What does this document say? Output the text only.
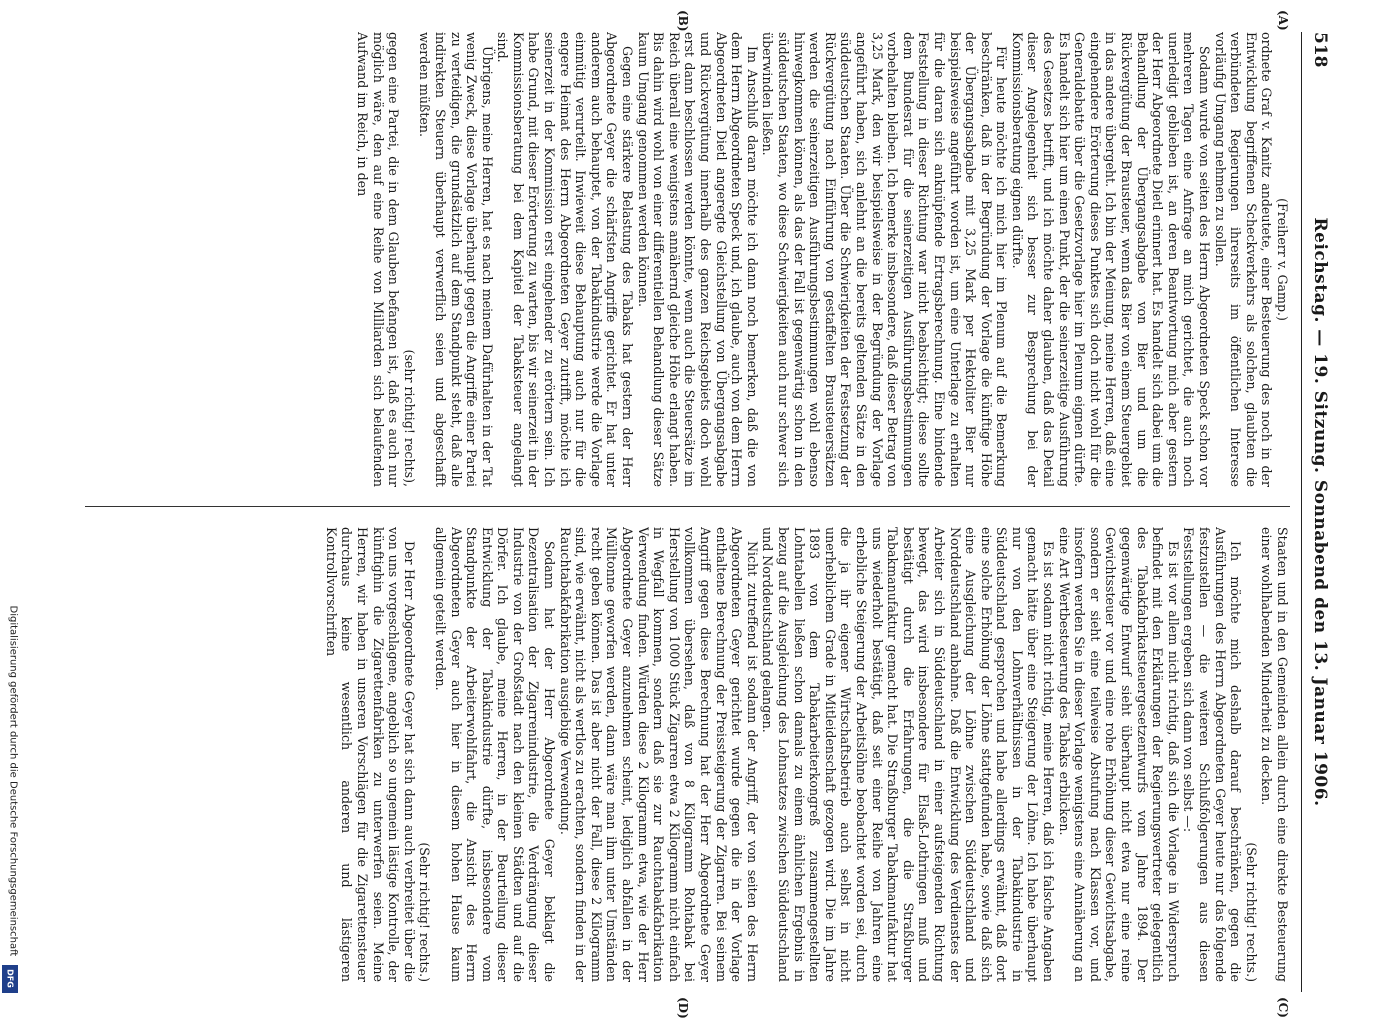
518
Reichstag. — 19. Sitzung. Sonnabend den 13. Januar 1906.
(A)
(B)
(C)
(D)

(Freiherr v. Gamp.)

ordnete Graf v. Kanitz andeutete, einer Besteuerung des noch in der Entwicklung begriffenen Scheckverkehrs als solchen, glaubten die verbündeten Regierungen ihrerseits im öffentlichen Interesse vorläufig Umgang nehmen zu sollen.

Sodann wurde von seiten des Herrn Abgeordneten Speck schon vor mehreren Tagen eine Anfrage an mich gerichtet, die auch noch unerledigt geblieben ist, an deren Beantwortung mich aber gestern der Herr Abgeordnete Dietl erinnert hat. Es handelt sich dabei um die Behandlung der Übergangsabgabe von Bier und um die Rückvergütung der Brausteuer, wenn das Bier von einem Steuergebiet in das andere übergeht. Ich bin der Meinung, meine Herren, daß eine eingehendere Erörterung dieses Punktes sich doch nicht wohl für die Generaldebatte über die Gesetzvorlage hier im Plenum eignen dürfte. Es handelt sich hier um einen Punkt, der die seinerzeitige Ausführung des Gesetzes betrifft, und ich möchte daher glauben, daß das Detail dieser Angelegenheit sich besser zur Besprechung bei der Kommissionsberatung eignen dürfte.

Für heute möchte ich mich hier im Plenum auf die Bemerkung beschränken, daß in der Begründung der Vorlage die künftige Höhe der Übergangsabgabe mit 3,25 Mark per Hektoliter Bier nur beispielsweise angeführt worden ist, um eine Unterlage zu erhalten für die daran sich anknüpfende Ertragsberechnung. Eine bindende Feststellung in dieser Richtung war nicht beabsichtigt; diese sollte dem Bundesrat für die seinerzeitigen Ausführungsbestimmungen vorbehalten bleiben. Ich bemerke insbesondere, daß dieser Betrag von 3,25 Mark, den wir beispielsweise in der Begründung der Vorlage angeführt haben, sich anlehnt an die bereits geltenden Sätze in den süddeutschen Staaten. Über die Schwierigkeiten der Festsetzung der Rückvergütung nach Einführung von gestaffelten Brausteuersätzen werden die seinerzeitigen Ausführungsbestimmungen wohl ebenso hinwegkommen können, als das der Fall ist gegenwärtig schon in den süddeutschen Staaten, wo diese Schwierigkeiten auch nur schwer sich überwinden ließen.

Im Anschluß daran möchte ich dann noch bemerken, daß die von dem Herrn Abgeordneten Speck und, ich glaube, auch von dem Herrn Abgeordneten Dietl angeregte Gleichstellung von Übergangsabgabe und Rückvergütung innerhalb des ganzen Reichsgebiets doch wohl erst dann beschlossen werden könnte, wenn auch die Steuersätze im Reich überall eine wenigstens annähernd gleiche Höhe erlangt haben. Bis dahin wird wohl von einer differentiellen Behandlung dieser Sätze kaum Umgang genommen werden können.

Gegen eine stärkere Belastung des Tabaks hat gestern der Herr Abgeordnete Geyer die schärfsten Angriffe gerichtet. Er hat unter anderem auch behauptet, von der Tabakindustrie werde die Vorlage einmütig verurteilt. Inwieweit diese Behauptung auch nur für die engere Heimat des Herrn Abgeordneten Geyer zutrifft, möchte ich seinerzeit in der Kommission erst eingehender zu erörtern sein. Ich habe Grund, mit dieser Erörterung zu warten, bis wir seinerzeit in der Kommissionsberatung bei dem Kapitel der Tabaksteuer angelangt sind.

Übrigens, meine Herren, hat es nach meinem Dafürhalten in der Tat wenig Zweck, diese Vorlage überhaupt gegen die Angriffe einer Partei zu verteidigen, die grundsätzlich auf dem Standpunkt steht, daß alle indirekten Steuern überhaupt verwerflich seien und abgeschafft werden müßten.

(sehr richtig! rechts),

gegen eine Partei, die in dem Glauben befangen ist, daß es auch nur möglich wäre, den auf eine Reihe von Milliarden sich belaufenden Aufwand im Reich, in den

Staaten und in den Gemeinden allein durch eine direkte Besteuerung einer wohlhabenden Minderheit zu decken.

(Sehr richtig! rechts.)

Ich möchte mich deshalb darauf beschränken, gegen die Ausführungen des Herrn Abgeordneten Geyer heute nur das folgende festzustellen — die weiteren Schlußfolgerungen aus diesen Feststellungen ergeben sich dann von selbst —:

Es ist vor allem nicht richtig, daß sich die Vorlage in Widerspruch befindet mit den Erklärungen der Regierungsvertreter gelegentlich des Tabakfabrikatsteuergesetzentwurfs vom Jahre 1894. Der gegenwärtige Entwurf sieht überhaupt nicht etwa nur eine reine Gewichtssteuer vor und eine rohe Erhöhung dieser Gewichtsabgabe, sondern er sieht eine teilweise Abstufung nach Klassen vor, und insofern werden Sie in dieser Vorlage wenigstens eine Annäherung an eine Art Wertbesteuerung des Tabaks erblicken.

Es ist sodann nicht richtig, meine Herren, daß ich falsche Angaben gemacht hätte über eine Steigerung der Löhne. Ich habe überhaupt nur von den Lohnverhältnissen in der Tabakindustrie in Süddeutschland gesprochen und habe allerdings erwähnt, daß dort eine solche Erhöhung der Löhne stattgefunden habe, sowie daß sich eine Ausgleichung der Löhne zwischen Süddeutschland und Norddeutschland anbahne. Daß die Entwicklung des Verdienstes der Arbeiter sich in Süddeutschland in einer aufsteigenden Richtung bewegt, das wird insbesondere für Elsaß-Lothringen muß und bestätigt durch die Erfahrungen, die die Straßburger Tabakmanufaktur gemacht hat. Die Straßburger Tabakmanufaktur hat uns wiederholt bestätigt, daß seit einer Reihe von Jahren eine erhebliche Steigerung der Arbeitslöhne beobachtet worden sei, durch die ja ihr eigener Wirtschaftsbetrieb auch selbst in nicht unerheblichem Grade in Mitleidenschaft gezogen wird. Die im Jahre 1893 von dem Tabakarbeiterkongreß zusammengestellten Lohntabellen ließen schon damals zu einem ähnlichen Ergebnis in bezug auf die Ausgleichung des Lohnsatzes zwischen Süddeutschland und Norddeutschland gelangen.

Nicht zutreffend ist sodann der Angriff, der von seiten des Herrn Abgeordneten Geyer gerichtet wurde gegen die in der Vorlage enthaltene Berechnung der Preissteigerung der Zigarren. Bei seinem Angriff gegen diese Berechnung hat der Herr Abgeordnete Geyer vollkommen übersehen, daß von 8 Kilogramm Rohtabak bei Herstellung von 1000 Stück Zigarren etwa 2 Kilogramm nicht einfach in Wegfall kommen, sondern daß sie zur Rauchtabakfabrikation Verwendung finden. Würden diese 2 Kilogramm etwa, wie der Herr Abgeordnete Geyer anzunehmen scheint, lediglich abfallen in der Mülltonne geworfen werden, dann wäre man ihm unter Umständen recht geben können. Das ist aber nicht der Fall, diese 2 Kilogramm sind, wie erwähnt, nicht als wertlos zu erachten, sondern finden in der Rauchtabakfabrikation ausgiebige Verwendung.

Sodann hat der Herr Abgeordnete Geyer beklagt die Dezentralisation der Zigarrenindustrie, die Verdrängung dieser Industrie von der Großstadt nach den kleinen Städten und auf die Dörfer. Ich glaube, meine Herren, in der Beurteilung dieser Entwicklung der Tabakindustrie dürfte, insbesondere vom Standpunkte der Arbeiterwohlfahrt, die Ansicht des Herrn Abgeordneten Geyer auch hier in diesem hohen Hause kaum allgemein geteilt werden.

(Sehr richtig! rechts.)

Der Herr Abgeordnete Geyer hat sich dann auch verbreitet über die von uns vorgeschlagene, angeblich so ungemein lästige Kontrolle, der künftighin die Zigarettenfabriken zu unterwerfen seien. Meine Herren, wir haben in unseren Vorschlägen für die Zigarettensteuer durchaus keine wesentlich anderen und lästigeren Kontrollvorschriften

Digitalisierung gefördert durch die Deutsche Forschungsgemeinschaft
DFG
